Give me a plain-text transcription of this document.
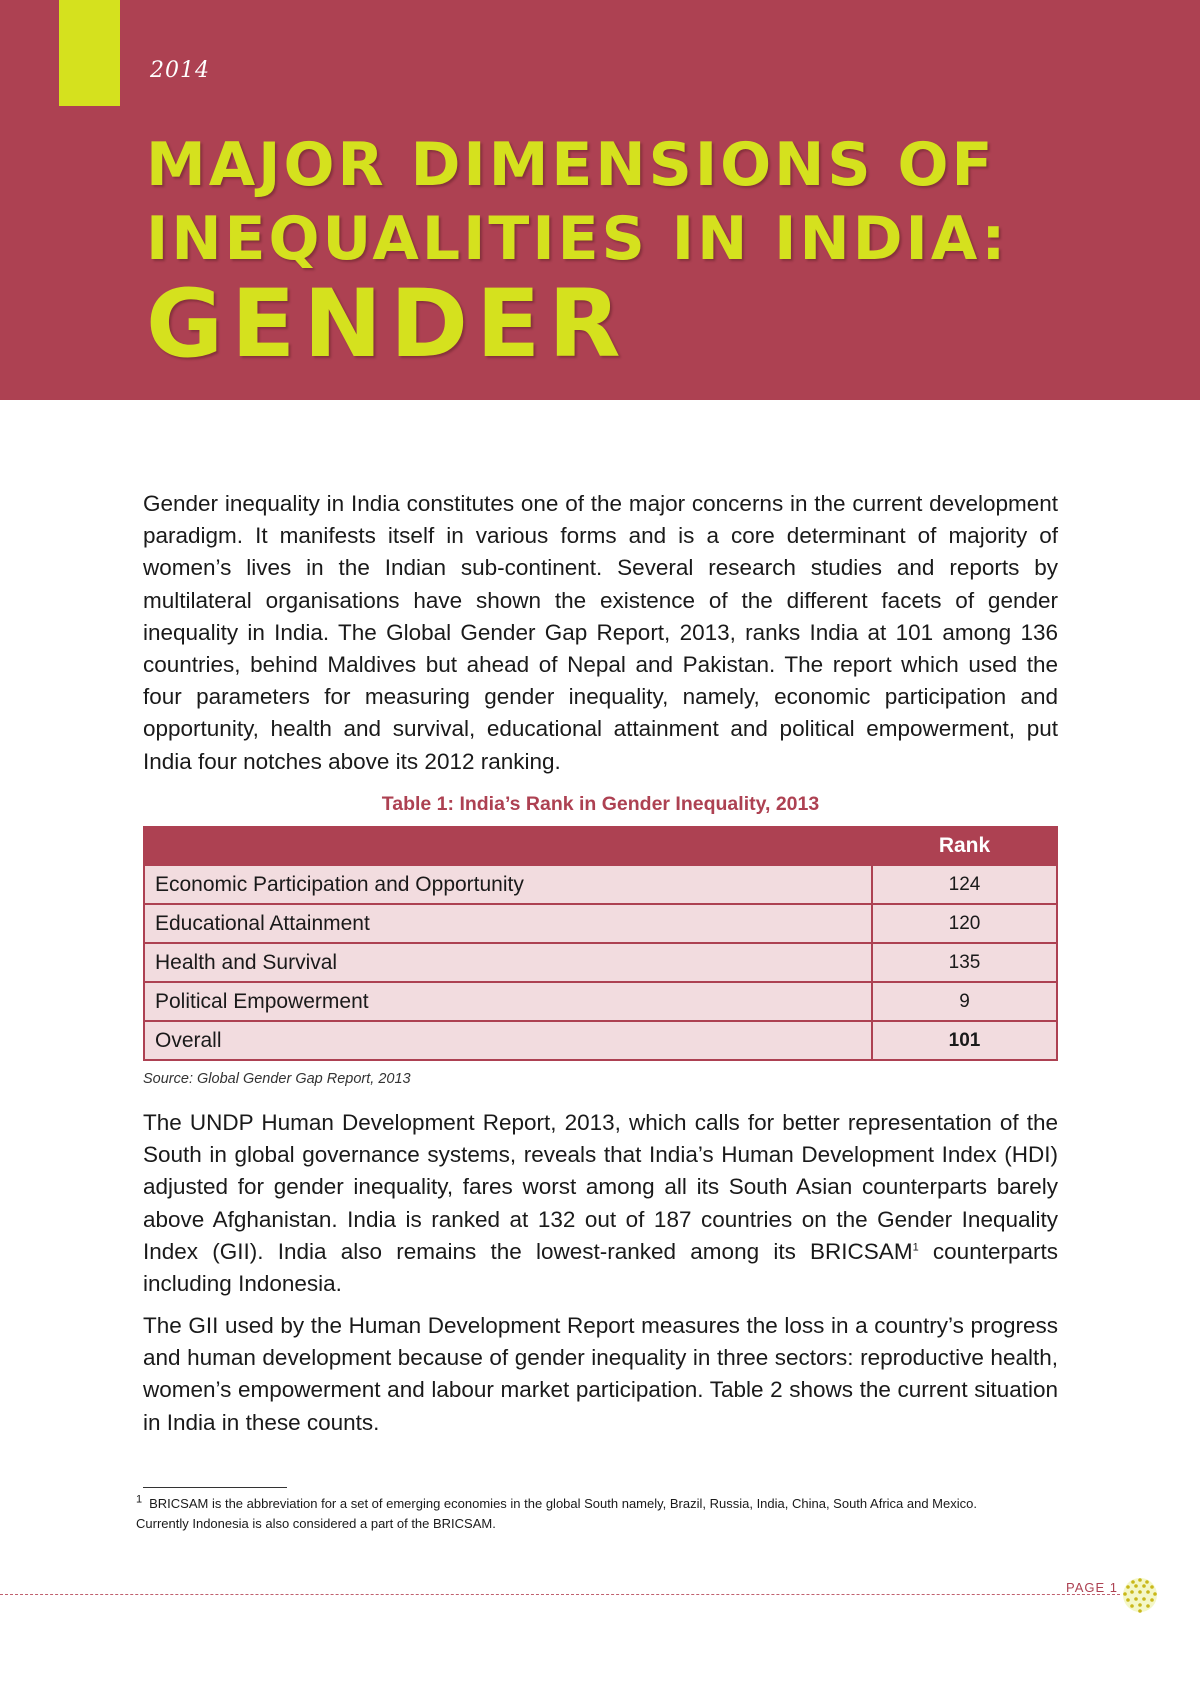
2014
MAJOR DIMENSIONS OF
INEQUALITIES IN INDIA:
GENDER

Gender inequality in India constitutes one of the major concerns in the current development paradigm. It manifests itself in various forms and is a core determinant of majority of women’s lives in the Indian sub-continent. Several research studies and reports by multilateral organisations have shown the existence of the different facets of gender inequality in India. The Global Gender Gap Report, 2013, ranks India at 101 among 136 countries, behind Maldives but ahead of Nepal and Pakistan. The report which used the four parameters for measuring gender inequality, namely, economic participation and opportunity, health and survival, educational attainment and political empowerment, put India four notches above its 2012 ranking.

Table 1: India’s Rank in Gender Inequality, 2013
	Rank
Economic Participation and Opportunity	124
Educational Attainment	120
Health and Survival	135
Political Empowerment	9
Overall	101
Source: Global Gender Gap Report, 2013

The UNDP Human Development Report, 2013, which calls for better representation of the South in global governance systems, reveals that India’s Human Development Index (HDI) adjusted for gender inequality, fares worst among all its South Asian counterparts barely above Afghanistan. India is ranked at 132 out of 187 countries on the Gender Inequality Index (GII). India also remains the lowest-ranked among its BRICSAM$^1$ counterparts including Indonesia.

The GII used by the Human Development Report measures the loss in a country’s progress and human development because of gender inequality in three sectors: reproductive health, women’s empowerment and labour market participation. Table 2 shows the current situation in India in these counts.

$^1$ BRICSAM is the abbreviation for a set of emerging economies in the global South namely, Brazil, Russia, India, China, South Africa and Mexico. Currently Indonesia is also considered a part of the BRICSAM.

PAGE 1
